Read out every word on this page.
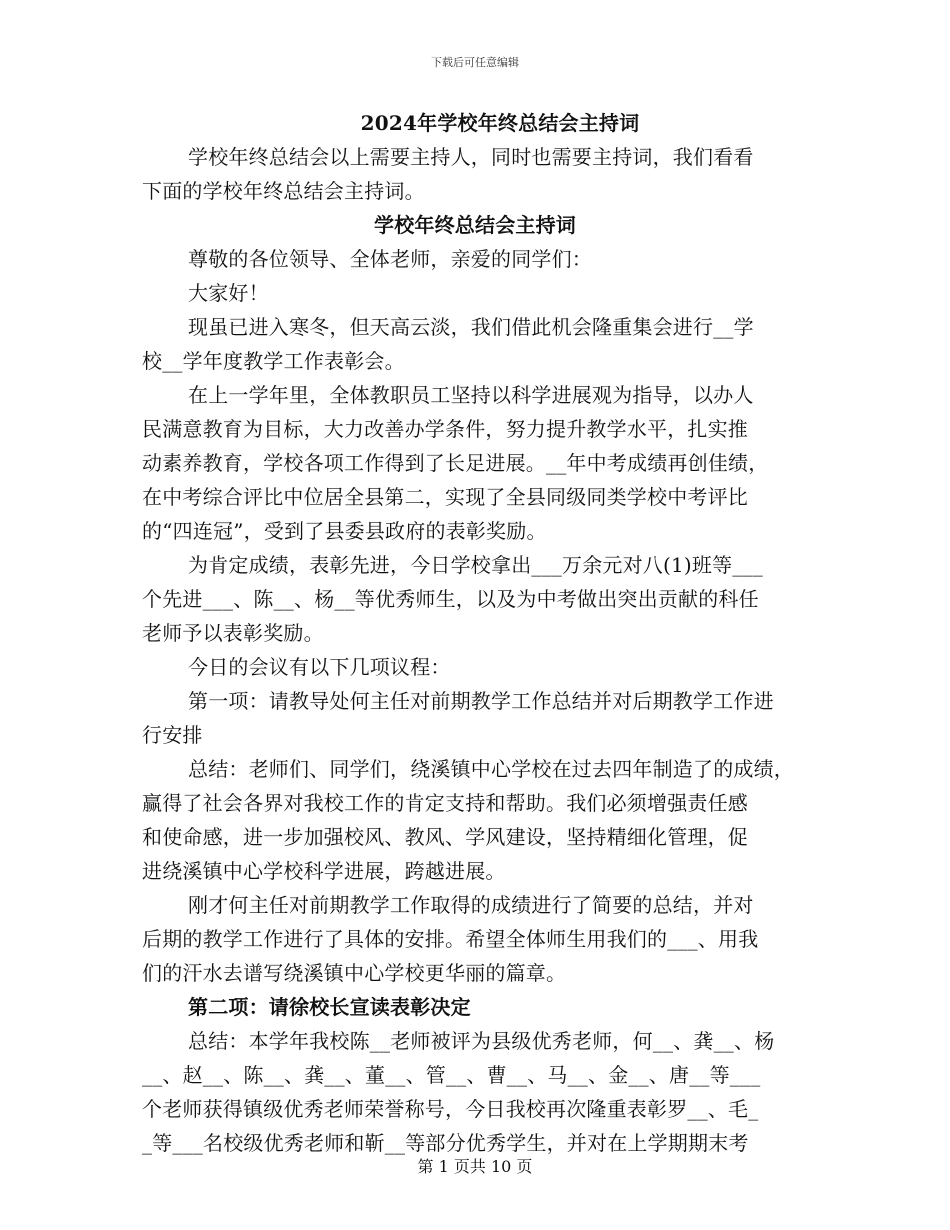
下载后可任意编辑
2024年学校年终总结会主持词
学校年终总结会以上需要主持人，同时也需要主持词，我们看看
下面的学校年终总结会主持词。
学校年终总结会主持词
尊敬的各位领导、全体老师，亲爱的同学们：
大家好！
现虽已进入寒冬，但天高云淡，我们借此机会隆重集会进行__学
校__学年度教学工作表彰会。
在上一学年里，全体教职员工坚持以科学进展观为指导，以办人
民满意教育为目标，大力改善办学条件，努力提升教学水平，扎实推
动素养教育，学校各项工作得到了长足进展。__年中考成绩再创佳绩，
在中考综合评比中位居全县第二，实现了全县同级同类学校中考评比
的“四连冠”，受到了县委县政府的表彰奖励。
为肯定成绩，表彰先进，今日学校拿出___万余元对八(1)班等___
个先进___、陈__、杨__等优秀师生，以及为中考做出突出贡献的科任
老师予以表彰奖励。
今日的会议有以下几项议程：
第一项：请教导处何主任对前期教学工作总结并对后期教学工作进
行安排
总结：老师们、同学们，绕溪镇中心学校在过去四年制造了的成绩，
赢得了社会各界对我校工作的肯定支持和帮助。我们必须增强责任感
和使命感，进一步加强校风、教风、学风建设，坚持精细化管理，促
进绕溪镇中心学校科学进展，跨越进展。
刚才何主任对前期教学工作取得的成绩进行了简要的总结，并对
后期的教学工作进行了具体的安排。希望全体师生用我们的___、用我
们的汗水去谱写绕溪镇中心学校更华丽的篇章。
第二项：请徐校长宣读表彰决定
总结：本学年我校陈__老师被评为县级优秀老师，何__、龚__、杨
__、赵__、陈__、龚__、董__、管__、曹__、马__、金__、唐__等___
个老师获得镇级优秀老师荣誉称号，今日我校再次隆重表彰罗__、毛_
_等___名校级优秀老师和靳__等部分优秀学生，并对在上学期期末考
第 1 页共 10 页
